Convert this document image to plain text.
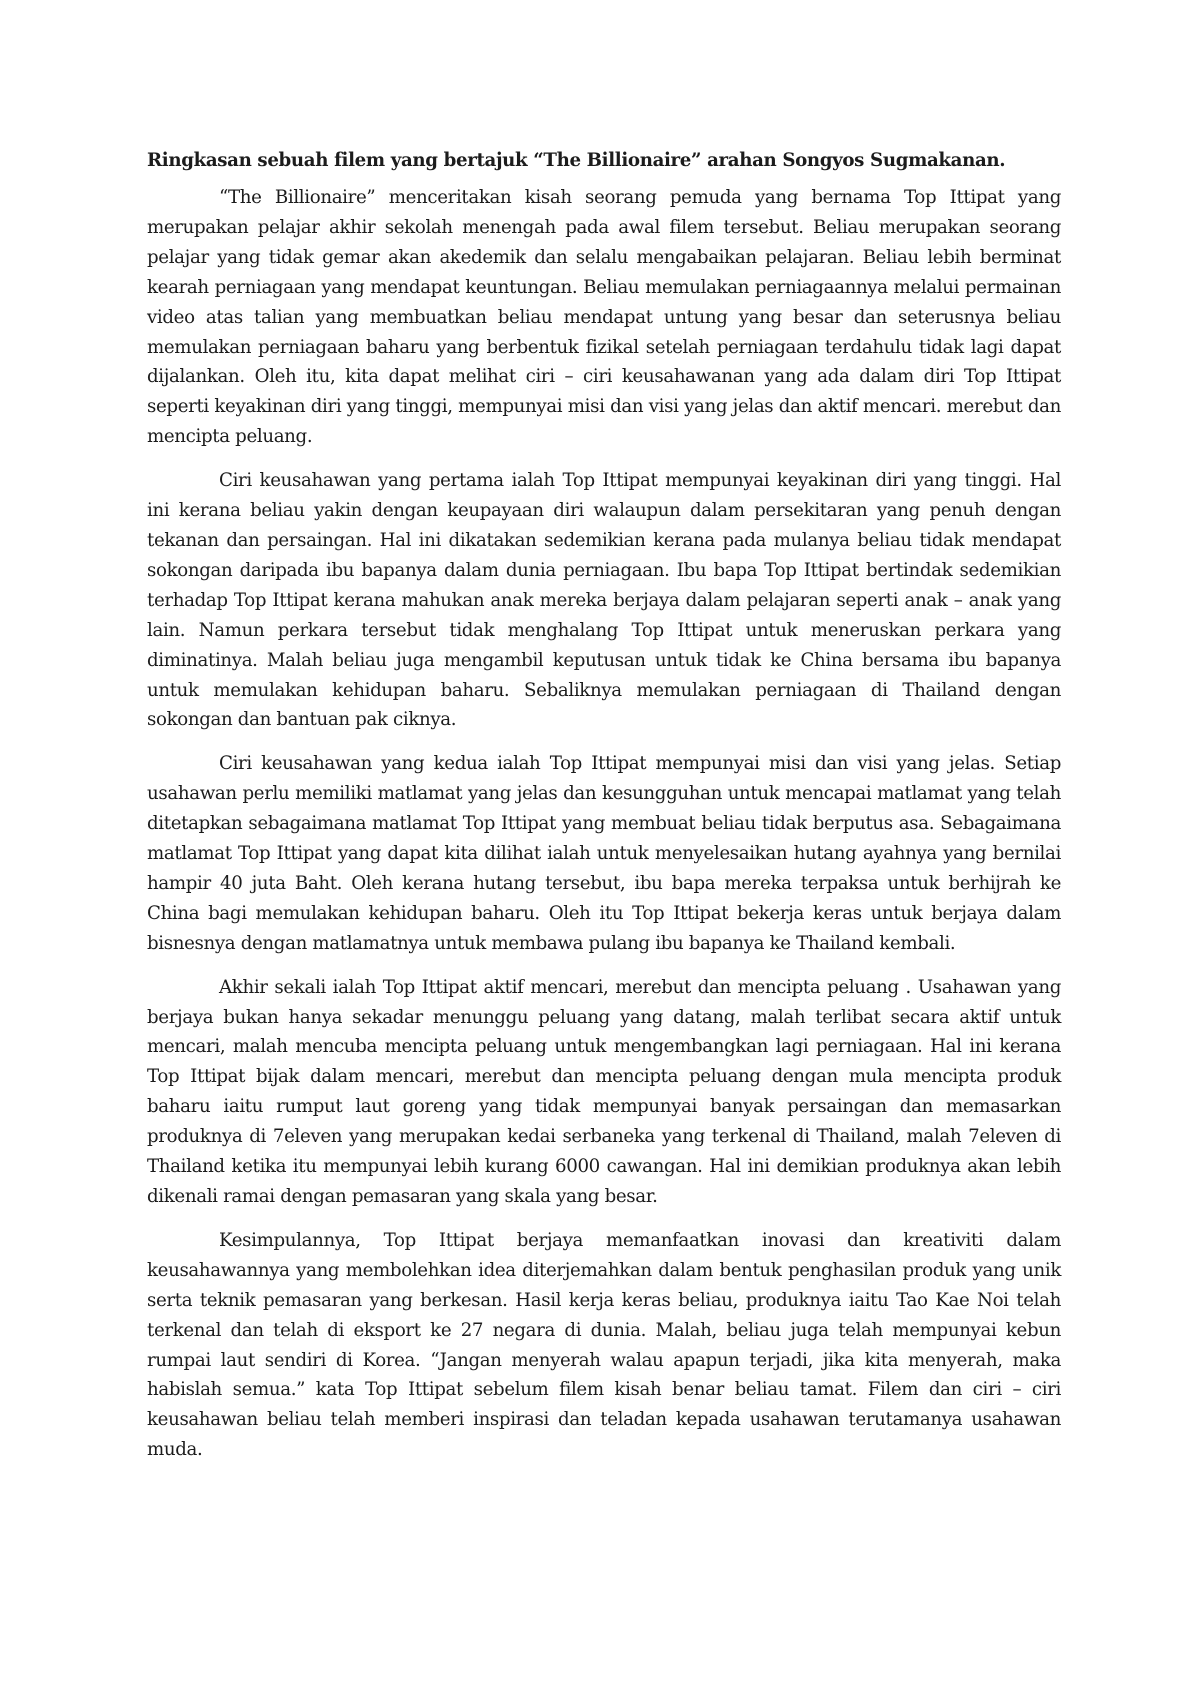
Ringkasan sebuah filem yang bertajuk “The Billionaire” arahan Songyos Sugmakanan.

“The Billionaire” menceritakan kisah seorang pemuda yang bernama Top Ittipat yang merupakan pelajar akhir sekolah menengah pada awal filem tersebut. Beliau merupakan seorang pelajar yang tidak gemar akan akedemik dan selalu mengabaikan pelajaran. Beliau lebih berminat kearah perniagaan yang mendapat keuntungan. Beliau memulakan perniagaannya melalui permainan video atas talian yang membuatkan beliau mendapat untung yang besar dan seterusnya beliau memulakan perniagaan baharu yang berbentuk fizikal setelah perniagaan terdahulu tidak lagi dapat dijalankan. Oleh itu, kita dapat melihat ciri – ciri keusahawanan yang ada dalam diri Top Ittipat seperti keyakinan diri yang tinggi, mempunyai misi dan visi yang jelas dan aktif mencari. merebut dan mencipta peluang.

Ciri keusahawan yang pertama ialah Top Ittipat mempunyai keyakinan diri yang tinggi. Hal ini kerana beliau yakin dengan keupayaan diri walaupun dalam persekitaran yang penuh dengan tekanan dan persaingan. Hal ini dikatakan sedemikian kerana pada mulanya beliau tidak mendapat sokongan daripada ibu bapanya dalam dunia perniagaan. Ibu bapa Top Ittipat bertindak sedemikian terhadap Top Ittipat kerana mahukan anak mereka berjaya dalam pelajaran seperti anak – anak yang lain. Namun perkara tersebut tidak menghalang Top Ittipat untuk meneruskan perkara yang diminatinya. Malah beliau juga mengambil keputusan untuk tidak ke China bersama ibu bapanya untuk memulakan kehidupan baharu. Sebaliknya memulakan perniagaan di Thailand dengan sokongan dan bantuan pak ciknya.

Ciri keusahawan yang kedua ialah Top Ittipat mempunyai misi dan visi yang jelas. Setiap usahawan perlu memiliki matlamat yang jelas dan kesungguhan untuk mencapai matlamat yang telah ditetapkan sebagaimana matlamat Top Ittipat yang membuat beliau tidak berputus asa. Sebagaimana matlamat Top Ittipat yang dapat kita dilihat ialah untuk menyelesaikan hutang ayahnya yang bernilai hampir 40 juta Baht. Oleh kerana hutang tersebut, ibu bapa mereka terpaksa untuk berhijrah ke China bagi memulakan kehidupan baharu. Oleh itu Top Ittipat bekerja keras untuk berjaya dalam bisnesnya dengan matlamatnya untuk membawa pulang ibu bapanya ke Thailand kembali.

Akhir sekali ialah Top Ittipat aktif mencari, merebut dan mencipta peluang . Usahawan yang berjaya bukan hanya sekadar menunggu peluang yang datang, malah terlibat secara aktif untuk mencari, malah mencuba mencipta peluang untuk mengembangkan lagi perniagaan. Hal ini kerana Top Ittipat bijak dalam mencari, merebut dan mencipta peluang dengan mula mencipta produk baharu iaitu rumput laut goreng yang tidak mempunyai banyak persaingan dan memasarkan produknya di 7eleven yang merupakan kedai serbaneka yang terkenal di Thailand, malah 7eleven di Thailand ketika itu mempunyai lebih kurang 6000 cawangan. Hal ini demikian produknya akan lebih dikenali ramai dengan pemasaran yang skala yang besar.

Kesimpulannya, Top Ittipat berjaya memanfaatkan inovasi dan kreativiti dalam keusahawannya yang membolehkan idea diterjemahkan dalam bentuk penghasilan produk yang unik serta teknik pemasaran yang berkesan. Hasil kerja keras beliau, produknya iaitu Tao Kae Noi telah terkenal dan telah di eksport ke 27 negara di dunia. Malah, beliau juga telah mempunyai kebun rumpai laut sendiri di Korea. “Jangan menyerah walau apapun terjadi, jika kita menyerah, maka habislah semua.” kata Top Ittipat sebelum filem kisah benar beliau tamat. Filem dan ciri – ciri keusahawan beliau telah memberi inspirasi dan teladan kepada usahawan terutamanya usahawan muda.
